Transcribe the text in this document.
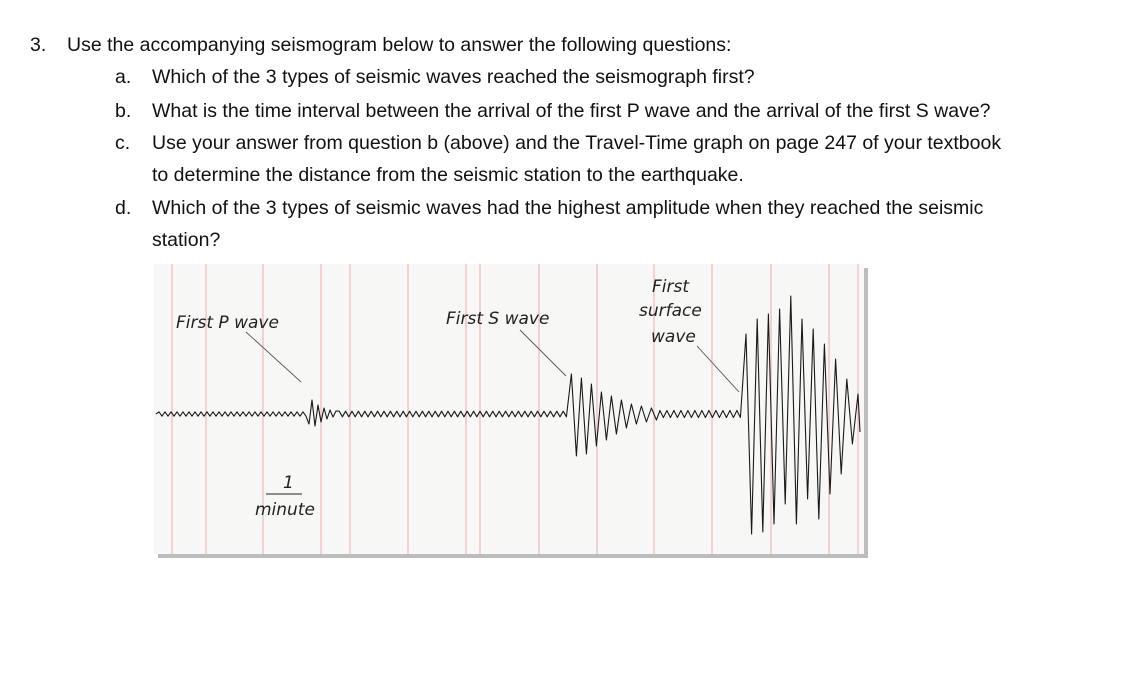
3. Use the accompanying seismogram below to answer the following questions:
a. Which of the 3 types of seismic waves reached the seismograph first?
b. What is the time interval between the arrival of the first P wave and the arrival of the first S wave?
c. Use your answer from question b (above) and the Travel-Time graph on page 247 of your textbook
to determine the distance from the seismic station to the earthquake.
d. Which of the 3 types of seismic waves had the highest amplitude when they reached the seismic
station?
First P wave	First S wave
First
surface
wave
1
minute
